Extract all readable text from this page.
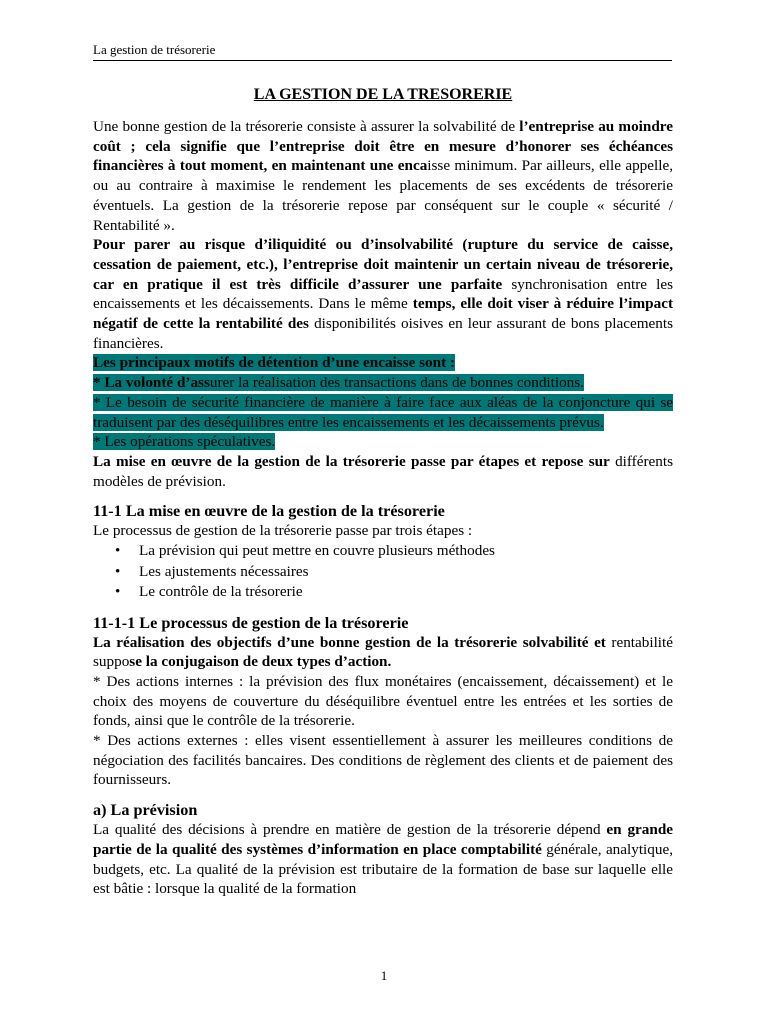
La gestion de trésorerie
LA GESTION DE LA TRESORERIE

Une bonne gestion de la trésorerie consiste à assurer la solvabilité de l’entreprise au moindre coût ; cela signifie que l’entreprise doit être en mesure d’honorer ses échéances financières à tout moment, en maintenant une encaisse minimum. Par ailleurs, elle appelle, ou au contraire à maximise le rendement les placements de ses excédents de trésorerie éventuels. La gestion de la trésorerie repose par conséquent sur le couple « sécurité / Rentabilité ».

Pour parer au risque d’iliquidité ou d’insolvabilité (rupture du service de caisse, cessation de paiement, etc.), l’entreprise doit maintenir un certain niveau de trésorerie, car en pratique il est très difficile d’assurer une parfaite synchronisation entre les encaissements et les décaissements. Dans le même temps, elle doit viser à réduire l’impact négatif de cette la rentabilité des disponibilités oisives en leur assurant de bons placements financières.

Les principaux motifs de détention d’une encaisse sont :

* La volonté d’assurer la réalisation des transactions dans de bonnes conditions.

* Le besoin de sécurité financière de manière à faire face aux aléas de la conjoncture qui se traduisent par des déséquilibres entre les encaissements et les décaissements prévus.

* Les opérations spéculatives.

La mise en œuvre de la gestion de la trésorerie passe par étapes et repose sur différents modèles de prévision.

11-1 La mise en œuvre de la gestion de la trésorerie

Le processus de gestion de la trésorerie passe par trois étapes :

• La prévision qui peut mettre en couvre plusieurs méthodes
• Les ajustements nécessaires
• Le contrôle de la trésorerie
11-1-1 Le processus de gestion de la trésorerie

La réalisation des objectifs d’une bonne gestion de la trésorerie solvabilité et rentabilité suppose la conjugaison de deux types d’action.

* Des actions internes : la prévision des flux monétaires (encaissement, décaissement) et le choix des moyens de couverture du déséquilibre éventuel entre les entrées et les sorties de fonds, ainsi que le contrôle de la trésorerie.

* Des actions externes : elles visent essentiellement à assurer les meilleures conditions de négociation des facilités bancaires. Des conditions de règlement des clients et de paiement des fournisseurs.

a) La prévision

La qualité des décisions à prendre en matière de gestion de la trésorerie dépend en grande partie de la qualité des systèmes d’information en place comptabilité générale, analytique, budgets, etc. La qualité de la prévision est tributaire de la formation de base sur laquelle elle est bâtie : lorsque la qualité de la formation

1
